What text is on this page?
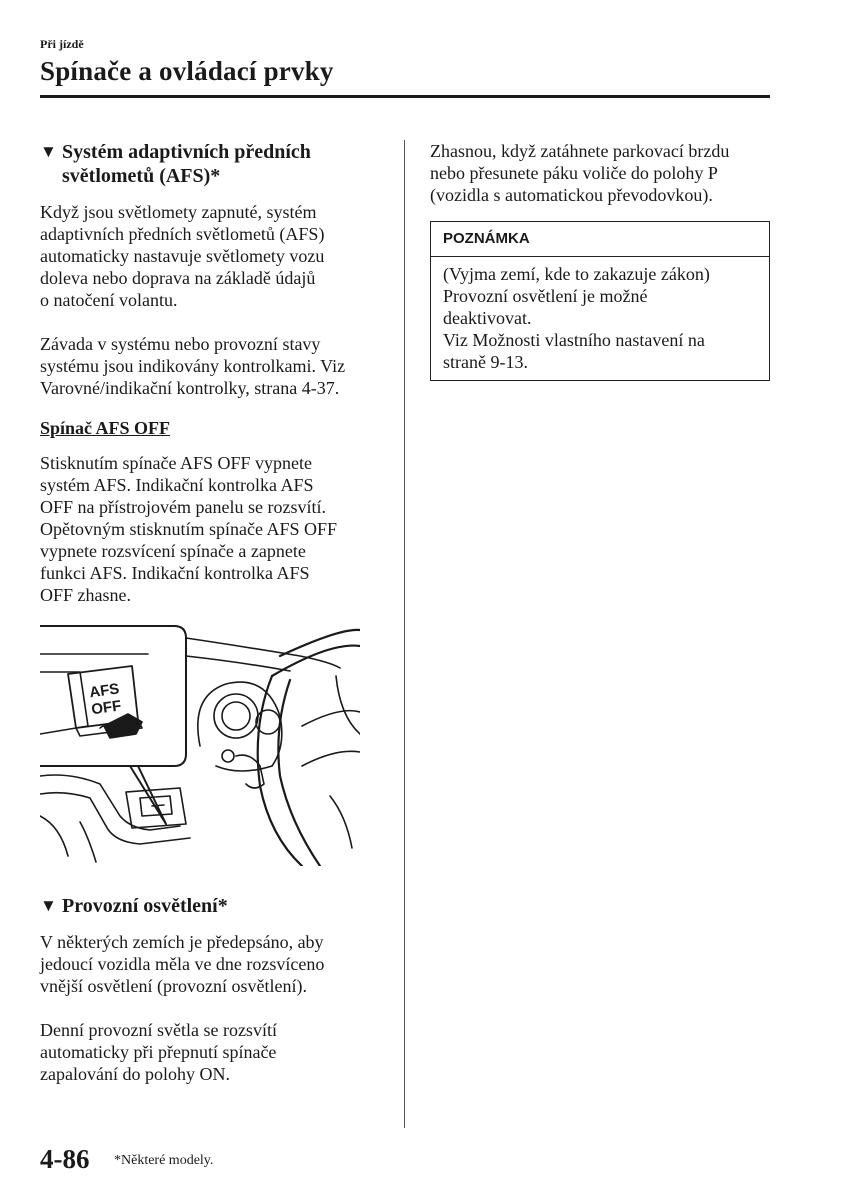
Při jízdě
Spínače a ovládací prvky
▼ Systém adaptivních předních
světlometů (AFS)*
Když jsou světlomety zapnuté, systém
adaptivních předních světlometů (AFS)
automaticky nastavuje světlomety vozu
doleva nebo doprava na základě údajů
o natočení volantu.
Závada v systému nebo provozní stavy
systému jsou indikovány kontrolkami. Viz
Varovné/indikační kontrolky, strana 4-37.
Spínač AFS OFF
Stisknutím spínače AFS OFF vypnete
systém AFS. Indikační kontrolka AFS
OFF na přístrojovém panelu se rozsvítí.
Opětovným stisknutím spínače AFS OFF
vypnete rozsvícení spínače a zapnete
funkci AFS. Indikační kontrolka AFS
OFF zhasne.
AFS
OFF
▼ Provozní osvětlení*
V některých zemích je předepsáno, aby
jedoucí vozidla měla ve dne rozsvíceno
vnější osvětlení (provozní osvětlení).
Denní provozní světla se rozsvítí
automaticky při přepnutí spínače
zapalování do polohy ON.
Zhasnou, když zatáhnete parkovací brzdu
nebo přesunete páku voliče do polohy P
(vozidla s automatickou převodovkou).
POZNÁMKA
(Vyjma zemí, kde to zakazuje zákon)
Provozní osvětlení je možné
deaktivovat.
Viz Možnosti vlastního nastavení na
straně 9-13.
4-86 *Některé modely.
